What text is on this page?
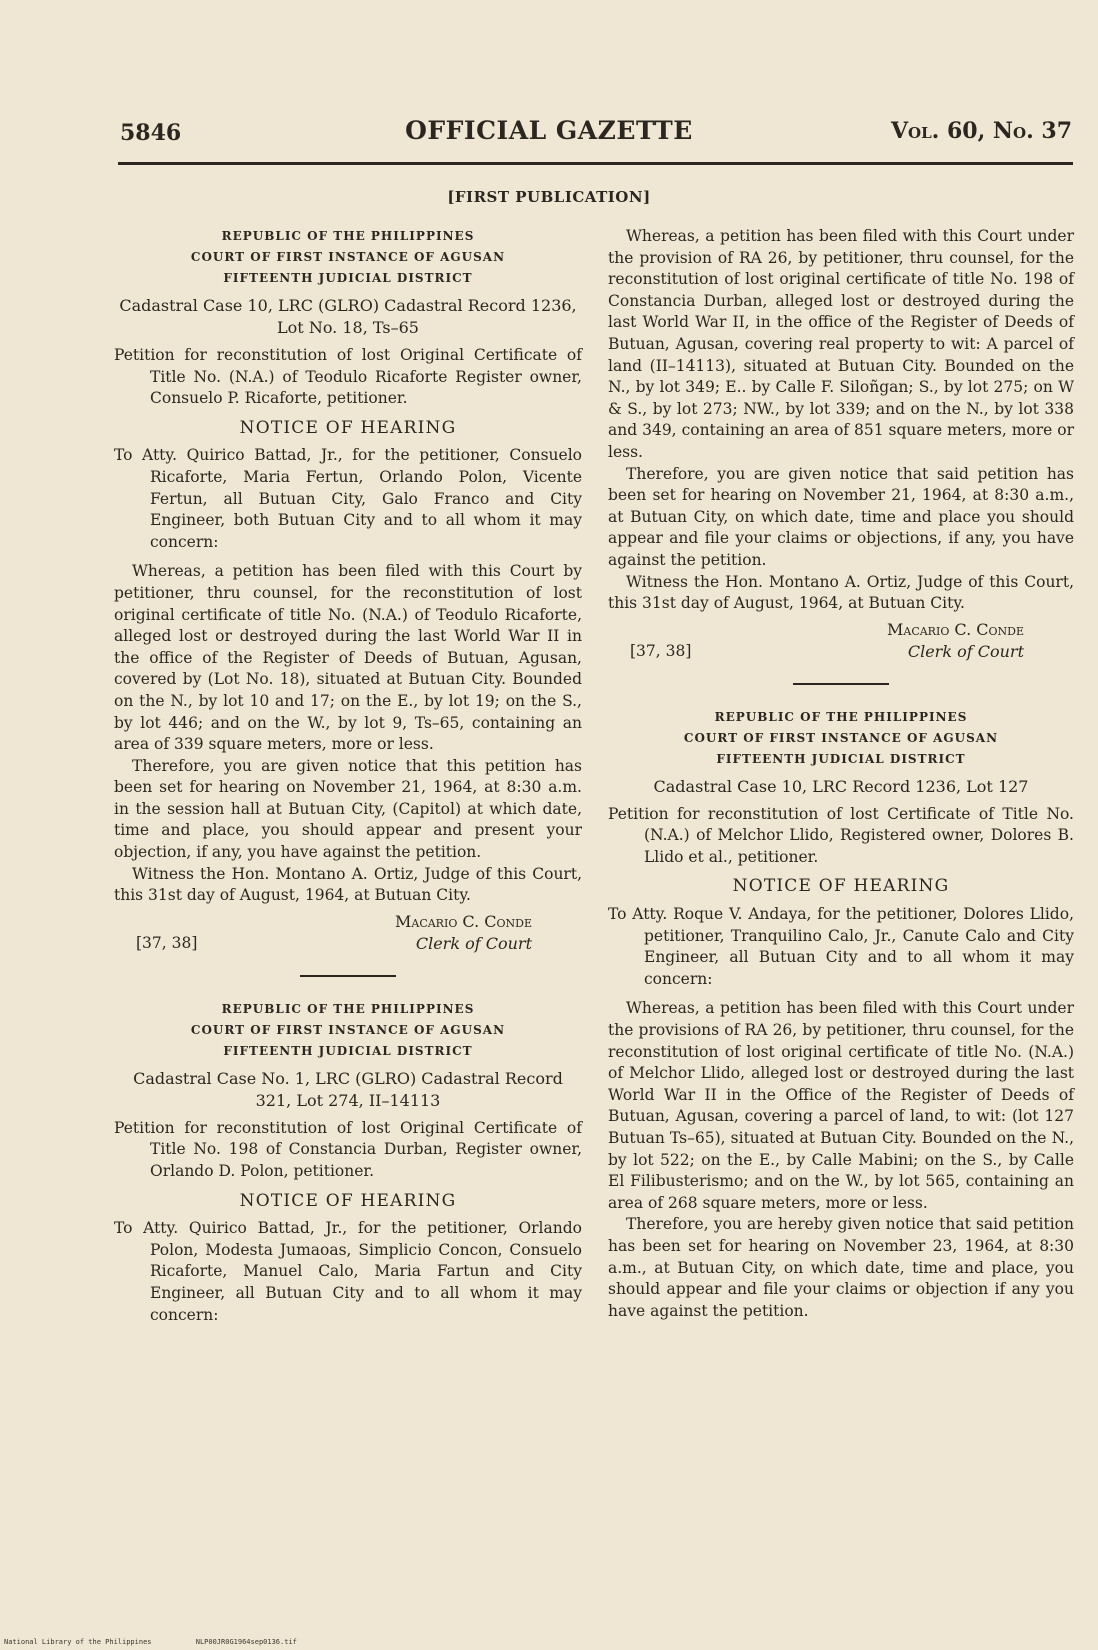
5846	OFFICIAL GAZETTE	Vol. 60, No. 37
[FIRST PUBLICATION]
REPUBLIC OF THE PHILIPPINES
COURT OF FIRST INSTANCE OF AGUSAN
FIFTEENTH JUDICIAL DISTRICT
Cadastral Case 10, LRC (GLRO) Cadastral Record 1236, Lot No. 18, Ts–65
Petition for reconstitution of lost Original Certificate of Title No. (N.A.) of Teodulo Ricaforte Register owner, Consuelo P. Ricaforte, petitioner.
NOTICE OF HEARING
To Atty. Quirico Battad, Jr., for the petitioner, Consuelo Ricaforte, Maria Fertun, Orlando Polon, Vicente Fertun, all Butuan City, Galo Franco and City Engineer, both Butuan City and to all whom it may concern:

Whereas, a petition has been filed with this Court by petitioner, thru counsel, for the reconstitution of lost original certificate of title No. (N.A.) of Teodulo Ricaforte, alleged lost or destroyed during the last World War II in the office of the Register of Deeds of Butuan, Agusan, covered by (Lot No. 18), situated at Butuan City. Bounded on the N., by lot 10 and 17; on the E., by lot 19; on the S., by lot 446; and on the W., by lot 9, Ts–65, containing an area of 339 square meters, more or less.

Therefore, you are given notice that this petition has been set for hearing on November 21, 1964, at 8:30 a.m. in the session hall at Butuan City, (Capitol) at which date, time and place, you should appear and present your objection, if any, you have against the petition.

Witness the Hon. Montano A. Ortiz, Judge of this Court, this 31st day of August, 1964, at Butuan City.

Macario C. Conde
Clerk of Court
[37, 38]
REPUBLIC OF THE PHILIPPINES
COURT OF FIRST INSTANCE OF AGUSAN
FIFTEENTH JUDICIAL DISTRICT
Cadastral Case No. 1, LRC (GLRO) Cadastral Record 321, Lot 274, II–14113
Petition for reconstitution of lost Original Certificate of Title No. 198 of Constancia Durban, Register owner, Orlando D. Polon, petitioner.
NOTICE OF HEARING
To Atty. Quirico Battad, Jr., for the petitioner, Orlando Polon, Modesta Jumaoas, Simplicio Concon, Consuelo Ricaforte, Manuel Calo, Maria Fartun and City Engineer, all Butuan City and to all whom it may concern:

Whereas, a petition has been filed with this Court under the provision of RA 26, by petitioner, thru counsel, for the reconstitution of lost original certificate of title No. 198 of Constancia Durban, alleged lost or destroyed during the last World War II, in the office of the Register of Deeds of Butuan, Agusan, covering real property to wit: A parcel of land (II–14113), situated at Butuan City. Bounded on the N., by lot 349; E.. by Calle F. Siloñgan; S., by lot 275; on W & S., by lot 273; NW., by lot 339; and on the N., by lot 338 and 349, containing an area of 851 square meters, more or less.

Therefore, you are given notice that said petition has been set for hearing on November 21, 1964, at 8:30 a.m., at Butuan City, on which date, time and place you should appear and file your claims or objections, if any, you have against the petition.

Witness the Hon. Montano A. Ortiz, Judge of this Court, this 31st day of August, 1964, at Butuan City.

Macario C. Conde
Clerk of Court
[37, 38]
REPUBLIC OF THE PHILIPPINES
COURT OF FIRST INSTANCE OF AGUSAN
FIFTEENTH JUDICIAL DISTRICT
Cadastral Case 10, LRC Record 1236, Lot 127
Petition for reconstitution of lost Certificate of Title No. (N.A.) of Melchor Llido, Registered owner, Dolores B. Llido et al., petitioner.
NOTICE OF HEARING
To Atty. Roque V. Andaya, for the petitioner, Dolores Llido, petitioner, Tranquilino Calo, Jr., Canute Calo and City Engineer, all Butuan City and to all whom it may concern:

Whereas, a petition has been filed with this Court under the provisions of RA 26, by petitioner, thru counsel, for the reconstitution of lost original certificate of title No. (N.A.) of Melchor Llido, alleged lost or destroyed during the last World War II in the Office of the Register of Deeds of Butuan, Agusan, covering a parcel of land, to wit: (lot 127 Butuan Ts–65), situated at Butuan City. Bounded on the N., by lot 522; on the E., by Calle Mabini; on the S., by Calle El Filibusterismo; and on the W., by lot 565, containing an area of 268 square meters, more or less.

Therefore, you are hereby given notice that said petition has been set for hearing on November 23, 1964, at 8:30 a.m., at Butuan City, on which date, time and place, you should appear and file your claims or objection if any you have against the petition.

National Library of the Philippines	NLP00JR0G1964sep0136.tif
